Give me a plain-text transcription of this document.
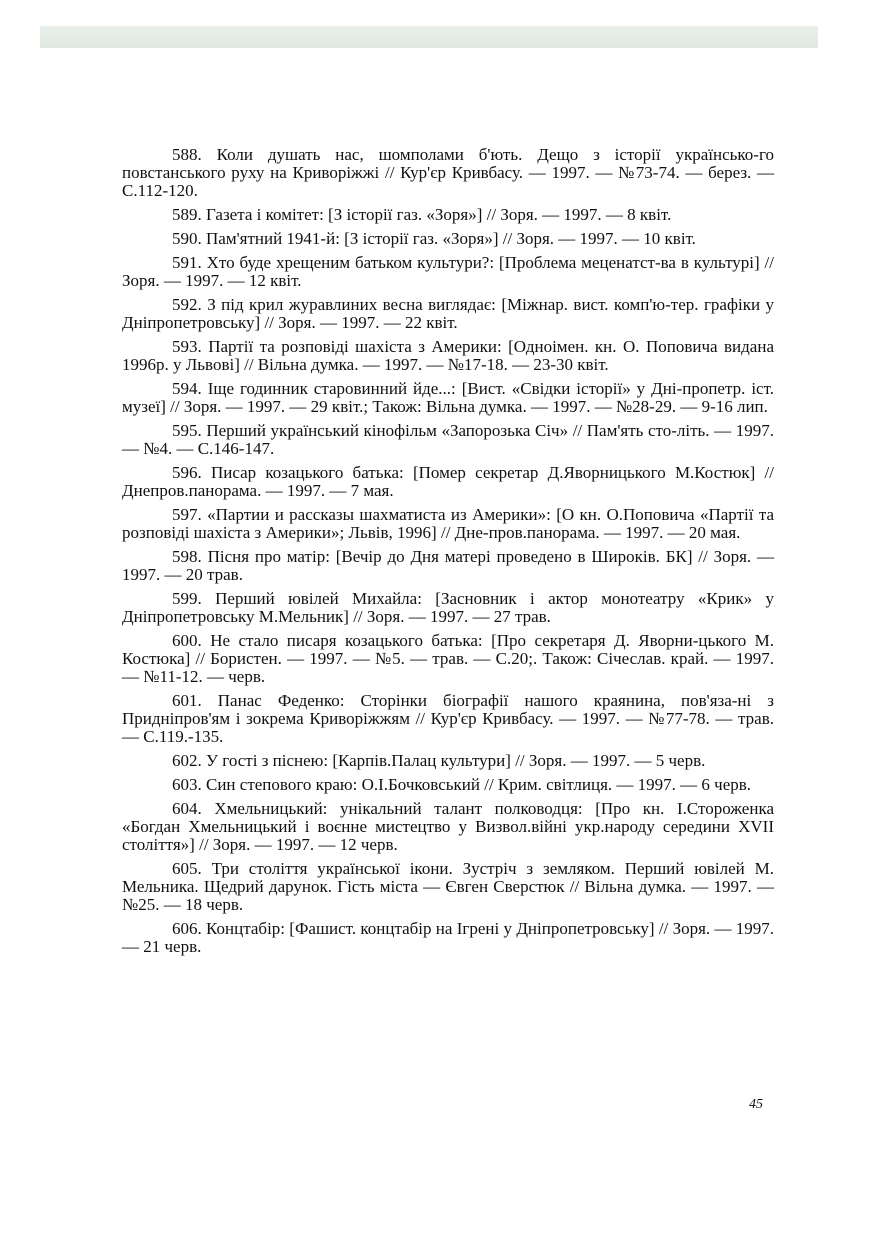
588. Коли душать нас, шомполами б'ють. Дещо з історії українсько-го повстанського руху на Криворіжжі // Кур'єр Кривбасу. — 1997. — №73-74. — берез. — С.112-120.

589. Газета і комітет: [З історії газ. «Зоря»] // Зоря. — 1997. — 8 квіт.

590. Пам'ятний 1941-й: [З історії газ. «Зоря»] // Зоря. — 1997. — 10 квіт.

591. Хто буде хрещеним батьком культури?: [Проблема меценатст-ва в культурі] // Зоря. — 1997. — 12 квіт.

592. З під крил журавлиних весна виглядає: [Міжнар. вист. комп'ю-тер. графіки у Дніпропетровську] // Зоря. — 1997. — 22 квіт.

593. Партії та розповіді шахіста з Америки: [Одноімен. кн. О. Поповича видана 1996р. у Львові] // Вільна думка. — 1997. — №17-18. — 23-30 квіт.

594. Іще годинник старовинний йде...: [Вист. «Свідки історії» у Дні-пропетр. іст. музеї] // Зоря. — 1997. — 29 квіт.; Також: Вільна думка. — 1997. — №28-29. — 9-16 лип.

595. Перший український кінофільм «Запорозька Січ» // Пам'ять сто-літь. — 1997. — №4. — С.146-147.

596. Писар козацького батька: [Помер секретар Д.Яворницького М.Костюк] // Днепров.панорама. — 1997. — 7 мая.

597. «Партии и рассказы шахматиста из Америки»: [О кн. О.Поповича «Партії та розповіді шахіста з Америки»; Львів, 1996] // Дне-пров.панорама. — 1997. — 20 мая.

598. Пісня про матір: [Вечір до Дня матері проведено в Широків. БК] // Зоря. — 1997. — 20 трав.

599. Перший ювілей Михайла: [Засновник і актор монотеатру «Крик» у Дніпропетровську М.Мельник] // Зоря. — 1997. — 27 трав.

600. Не стало писаря козацького батька: [Про секретаря Д. Яворни-цького М. Костюка] // Бористен. — 1997. — №5. — трав. — С.20;. Також: Січеслав. край. — 1997. — №11-12. — черв.

601. Панас Феденко: Сторінки біографії нашого краянина, пов'яза-ні з Придніпров'ям і зокрема Криворіжжям // Кур'єр Кривбасу. — 1997. — №77-78. — трав. — С.119.-135.

602. У гостi з піснею: [Карпів.Палац культури] // Зоря. — 1997. — 5 черв.

603. Син степового краю: О.І.Бочковський // Крим. світлиця. — 1997. — 6 черв.

604. Хмельницький: унікальний талант полководця: [Про кн. І.Стороженка «Богдан Хмельницький і воєнне мистецтво у Визвол.війні укр.народу середини XVII століття»] // Зоря. — 1997. — 12 черв.

605. Три століття української ікони. Зустріч з земляком. Перший ювілей М. Мельника. Щедрий дарунок. Гість міста — Євген Сверстюк // Вільна думка. — 1997. — №25. — 18 черв.

606. Концтабір: [Фашист. концтабір на Ігрені у Дніпропетровську] // Зоря. — 1997. — 21 черв.

45
